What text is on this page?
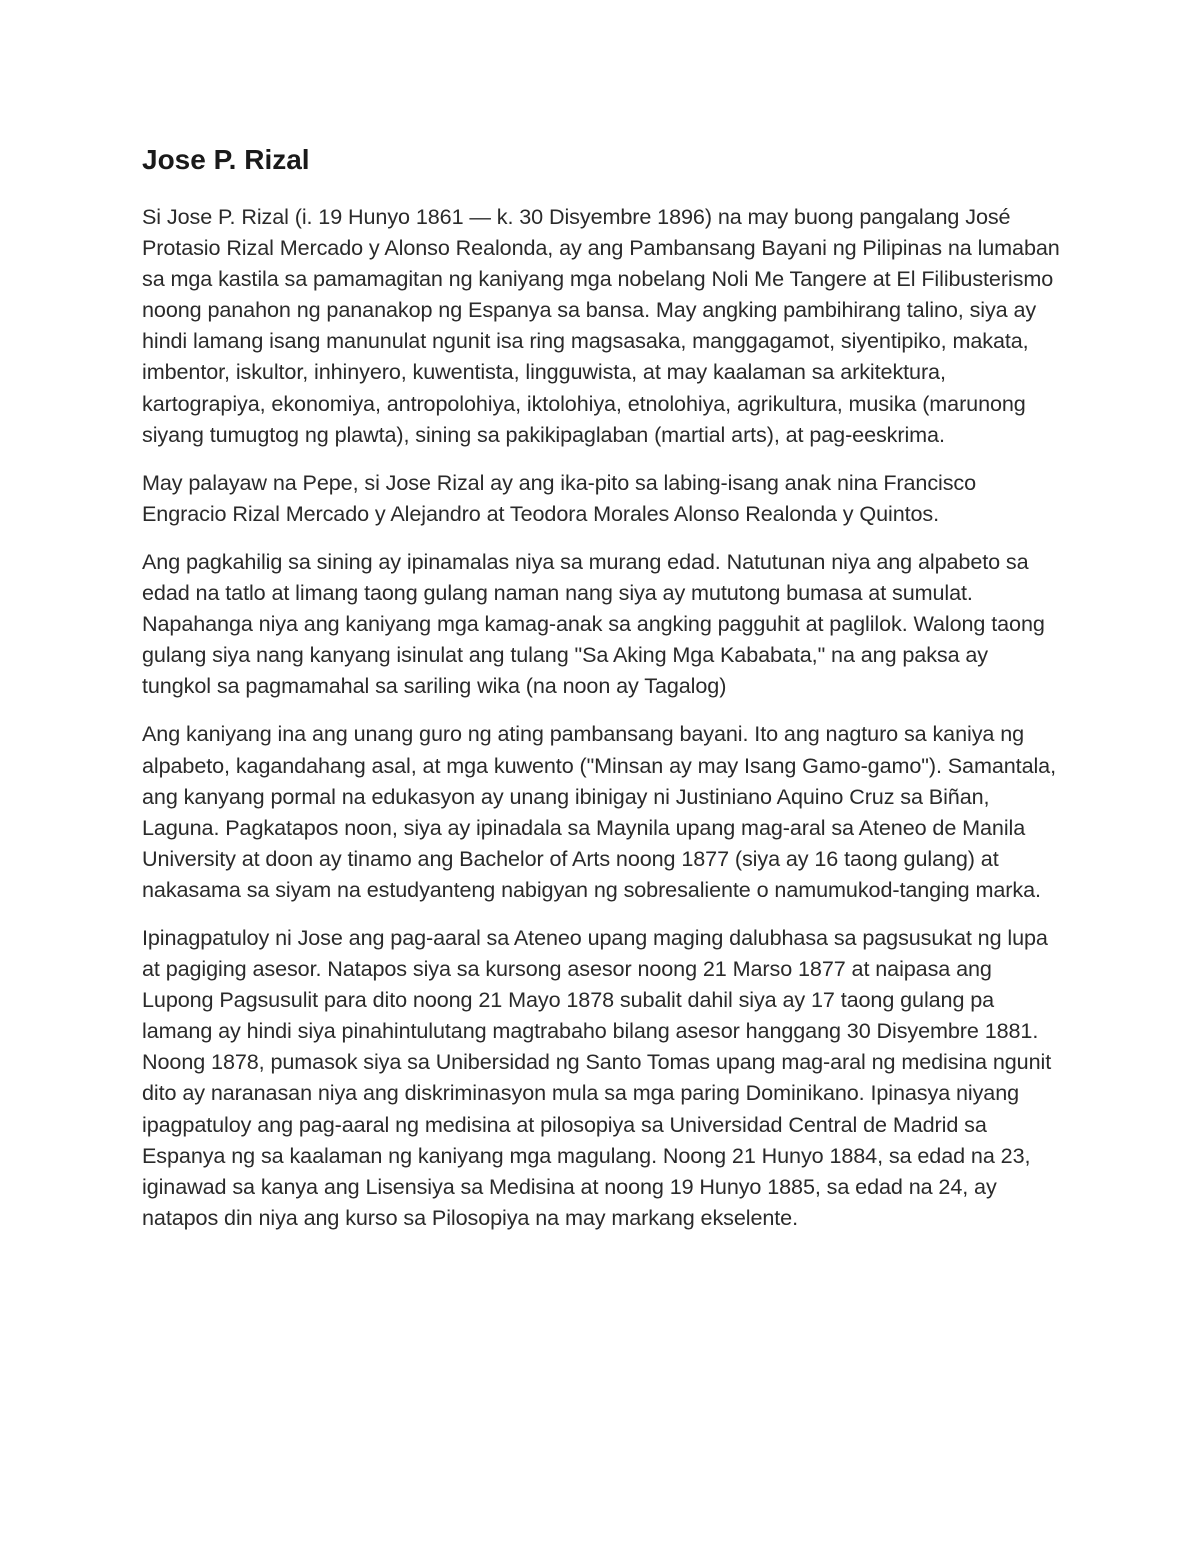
Jose P. Rizal

Si Jose P. Rizal (i. 19 Hunyo 1861 — k. 30 Disyembre 1896) na may buong pangalang José Protasio Rizal Mercado y Alonso Realonda, ay ang Pambansang Bayani ng Pilipinas na lumaban sa mga kastila sa pamamagitan ng kaniyang mga nobelang Noli Me Tangere at El Filibusterismo noong panahon ng pananakop ng Espanya sa bansa. May angking pambihirang talino, siya ay hindi lamang isang manunulat ngunit isa ring magsasaka, manggagamot, siyentipiko, makata, imbentor, iskultor, inhinyero, kuwentista, lingguwista, at may kaalaman sa arkitektura, kartograpiya, ekonomiya, antropolohiya, iktolohiya, etnolohiya, agrikultura, musika (marunong siyang tumugtog ng plawta), sining sa pakikipaglaban (martial arts), at pag-eeskrima.

May palayaw na Pepe, si Jose Rizal ay ang ika-pito sa labing-isang anak nina Francisco Engracio Rizal Mercado y Alejandro at Teodora Morales Alonso Realonda y Quintos.

Ang pagkahilig sa sining ay ipinamalas niya sa murang edad. Natutunan niya ang alpabeto sa edad na tatlo at limang taong gulang naman nang siya ay mututong bumasa at sumulat. Napahanga niya ang kaniyang mga kamag-anak sa angking pagguhit at paglilok. Walong taong gulang siya nang kanyang isinulat ang tulang "Sa Aking Mga Kababata," na ang paksa ay tungkol sa pagmamahal sa sariling wika (na noon ay Tagalog)

Ang kaniyang ina ang unang guro ng ating pambansang bayani. Ito ang nagturo sa kaniya ng alpabeto, kagandahang asal, at mga kuwento ("Minsan ay may Isang Gamo-gamo"). Samantala, ang kanyang pormal na edukasyon ay unang ibinigay ni Justiniano Aquino Cruz sa Biñan, Laguna. Pagkatapos noon, siya ay ipinadala sa Maynila upang mag-aral sa Ateneo de Manila University at doon ay tinamo ang Bachelor of Arts noong 1877 (siya ay 16 taong gulang) at nakasama sa siyam na estudyanteng nabigyan ng sobresaliente o namumukod-tanging marka.

Ipinagpatuloy ni Jose ang pag-aaral sa Ateneo upang maging dalubhasa sa pagsusukat ng lupa at pagiging asesor. Natapos siya sa kursong asesor noong 21 Marso 1877 at naipasa ang Lupong Pagsusulit para dito noong 21 Mayo 1878 subalit dahil siya ay 17 taong gulang pa lamang ay hindi siya pinahintulutang magtrabaho bilang asesor hanggang 30 Disyembre 1881. Noong 1878, pumasok siya sa Unibersidad ng Santo Tomas upang mag-aral ng medisina ngunit dito ay naranasan niya ang diskriminasyon mula sa mga paring Dominikano. Ipinasya niyang ipagpatuloy ang pag-aaral ng medisina at pilosopiya sa Universidad Central de Madrid sa Espanya ng sa kaalaman ng kaniyang mga magulang. Noong 21 Hunyo 1884, sa edad na 23, iginawad sa kanya ang Lisensiya sa Medisina at noong 19 Hunyo 1885, sa edad na 24, ay natapos din niya ang kurso sa Pilosopiya na may markang ekselente.
